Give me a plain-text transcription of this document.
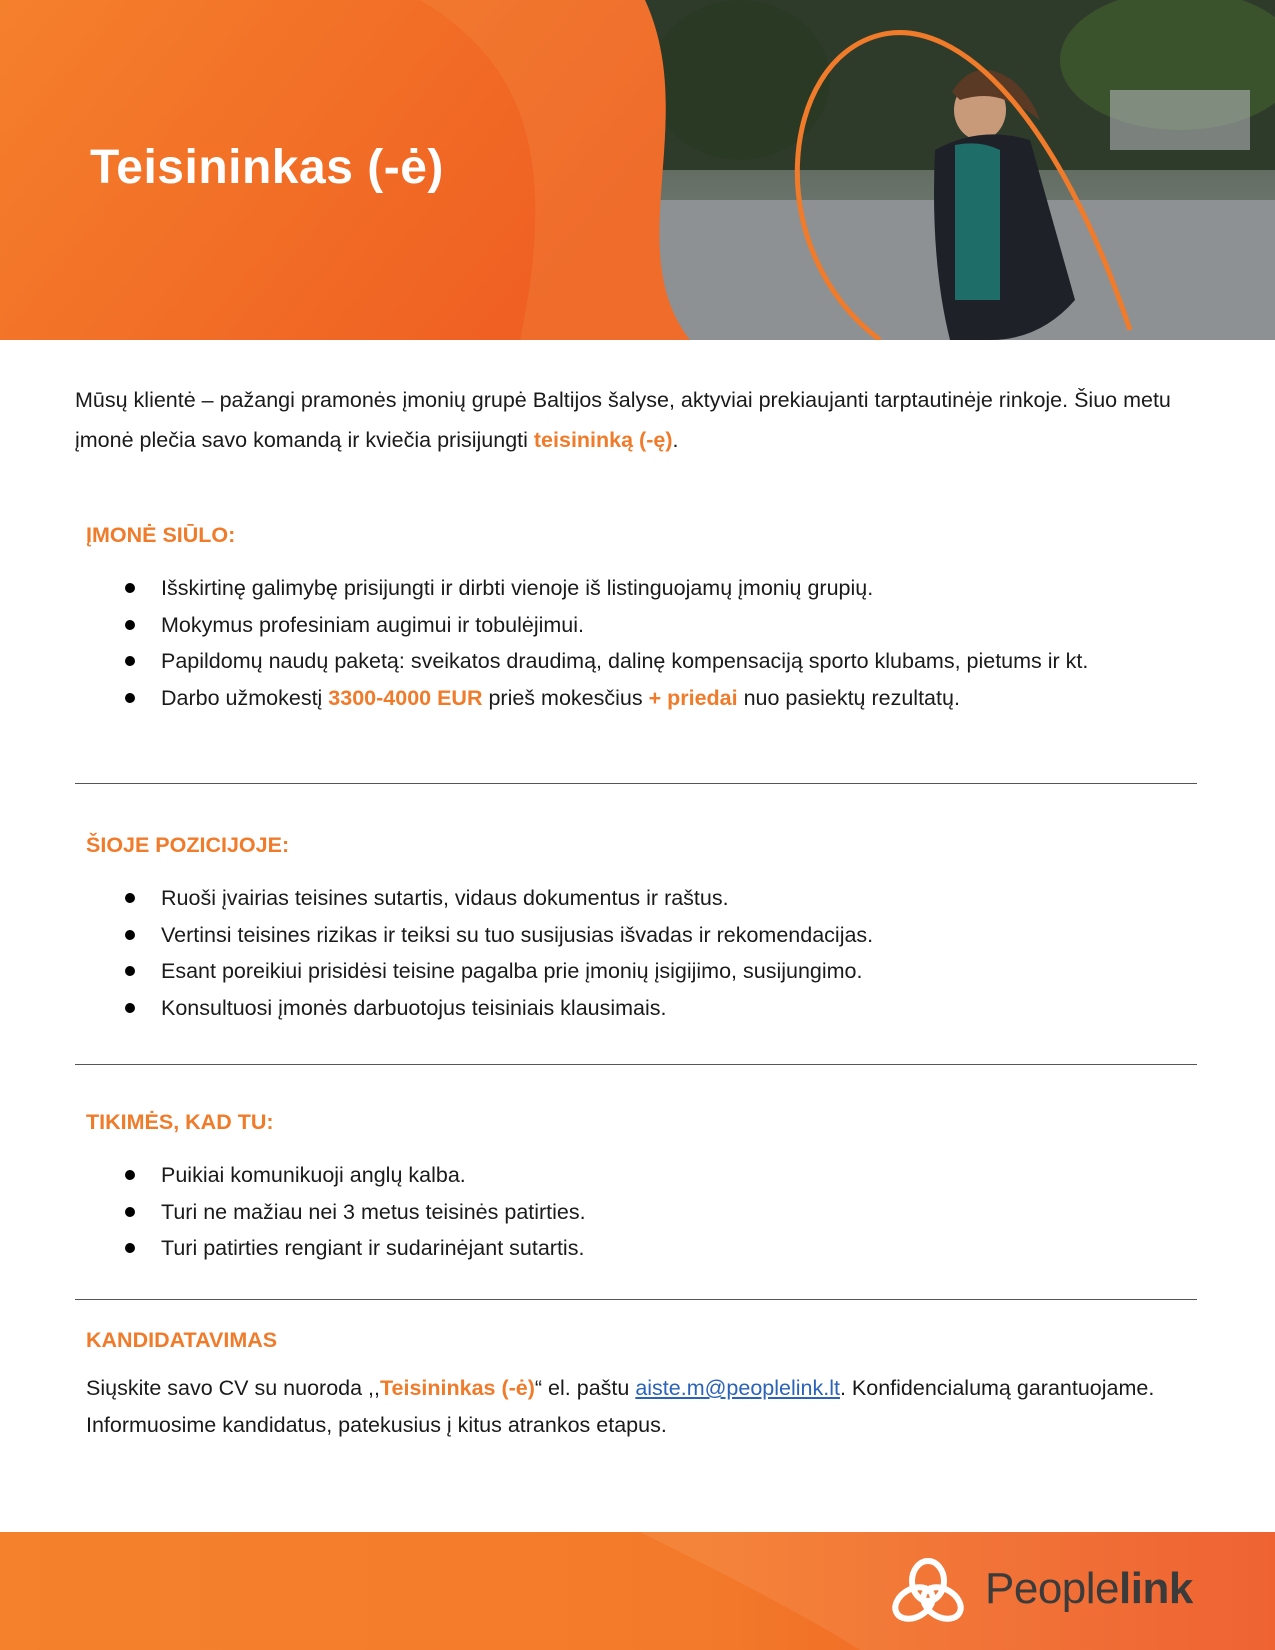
Teisininkas (-ė)

Mūsų klientė – pažangi pramonės įmonių grupė Baltijos šalyse, aktyviai prekiaujanti tarptautinėje rinkoje. Šiuo metu įmonė plečia savo komandą ir kviečia prisijungti teisininką (-ę).

ĮMONĖ SIŪLO:
Išskirtinę galimybę prisijungti ir dirbti vienoje iš listinguojamų įmonių grupių.
Mokymus profesiniam augimui ir tobulėjimui.
Papildomų naudų paketą: sveikatos draudimą, dalinę kompensaciją sporto klubams, pietums ir kt.
Darbo užmokestį 3300-4000 EUR prieš mokesčius + priedai nuo pasiektų rezultatų.
ŠIOJE POZICIJOJE:
Ruoši įvairias teisines sutartis, vidaus dokumentus ir raštus.
Vertinsi teisines rizikas ir teiksi su tuo susijusias išvadas ir rekomendacijas.
Esant poreikiui prisidėsi teisine pagalba prie įmonių įsigijimo, susijungimo.
Konsultuosi įmonės darbuotojus teisiniais klausimais.
TIKIMĖS, KAD TU:
Puikiai komunikuoji anglų kalba.
Turi ne mažiau nei 3 metus teisinės patirties.
Turi patirties rengiant ir sudarinėjant sutartis.
KANDIDATAVIMAS

Siųskite savo CV su nuoroda ,,Teisininkas (-ė)“ el. paštu aiste.m@peoplelink.lt. Konfidencialumą garantuojame. Informuosime kandidatus, patekusius į kitus atrankos etapus.

Peoplelink
